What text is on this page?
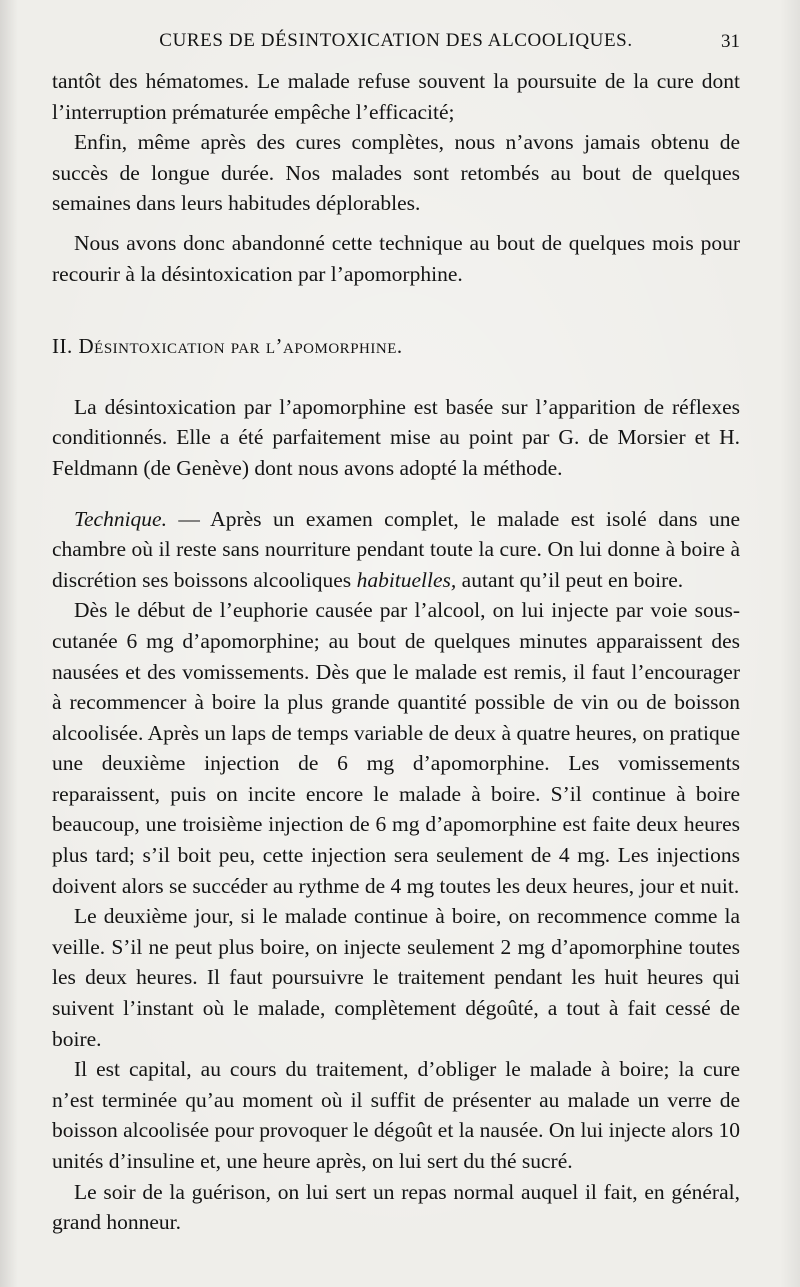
CURES DE DÉSINTOXICATION DES ALCOOLIQUES.	31

tantôt des hématomes. Le malade refuse souvent la poursuite de la cure dont l’interruption prématurée empêche l’efficacité;

Enfin, même après des cures complètes, nous n’avons jamais obtenu de succès de longue durée. Nos malades sont retombés au bout de quelques semaines dans leurs habitudes déplorables.

Nous avons donc abandonné cette technique au bout de quelques mois pour recourir à la désintoxication par l’apomorphine.

II. Désintoxication par l’apomorphine.

La désintoxication par l’apomorphine est basée sur l’apparition de réflexes conditionnés. Elle a été parfaitement mise au point par G. de Morsier et H. Feldmann (de Genève) dont nous avons adopté la méthode.

Technique. — Après un examen complet, le malade est isolé dans une chambre où il reste sans nourriture pendant toute la cure. On lui donne à boire à discrétion ses boissons alcooliques habituelles, autant qu’il peut en boire.

Dès le début de l’euphorie causée par l’alcool, on lui injecte par voie sous-cutanée 6 mg d’apomorphine; au bout de quelques minutes apparaissent des nausées et des vomissements. Dès que le malade est remis, il faut l’encourager à recommencer à boire la plus grande quantité possible de vin ou de boisson alcoolisée. Après un laps de temps variable de deux à quatre heures, on pratique une deuxième injection de 6 mg d’apomorphine. Les vomissements reparaissent, puis on incite encore le malade à boire. S’il continue à boire beaucoup, une troisième injection de 6 mg d’apomorphine est faite deux heures plus tard; s’il boit peu, cette injection sera seulement de 4 mg. Les injections doivent alors se succéder au rythme de 4 mg toutes les deux heures, jour et nuit.

Le deuxième jour, si le malade continue à boire, on recommence comme la veille. S’il ne peut plus boire, on injecte seulement 2 mg d’apomorphine toutes les deux heures. Il faut poursuivre le traitement pendant les huit heures qui suivent l’instant où le malade, complètement dégoûté, a tout à fait cessé de boire.

Il est capital, au cours du traitement, d’obliger le malade à boire; la cure n’est terminée qu’au moment où il suffit de présenter au malade un verre de boisson alcoolisée pour provoquer le dégoût et la nausée. On lui injecte alors 10 unités d’insuline et, une heure après, on lui sert du thé sucré.

Le soir de la guérison, on lui sert un repas normal auquel il fait, en général, grand honneur.
